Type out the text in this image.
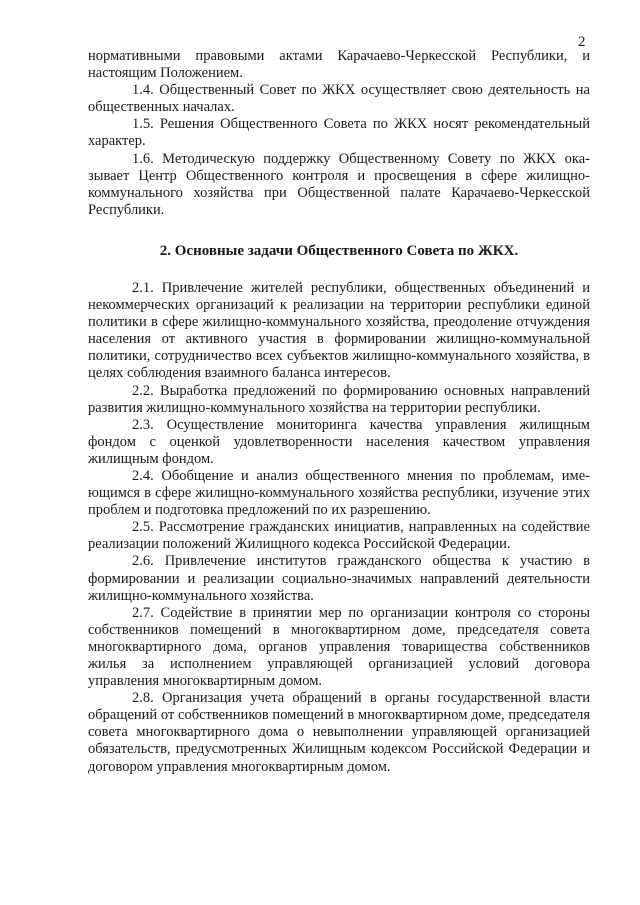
2

нормативными правовыми актами Карачаево-Черкесской Республики, и настоящим Положением.

1.4. Общественный Совет по ЖКХ осуществляет свою деятельность на общественных началах.

1.5. Решения Общественного Совета по ЖКХ носят рекомендательный характер.

1.6. Методическую поддержку Общественному Совету по ЖКХ оказывает Центр Общественного контроля и просвещения в сфере жилищно-коммунального хозяйства при Общественной палате Карачаево-Черкесской Республики.

2. Основные задачи Общественного Совета по ЖКХ.

2.1. Привлечение жителей республики, общественных объединений и некоммерческих организаций к реализации на территории республики единой политики в сфере жилищно-коммунального хозяйства, преодоление отчуждения населения от активного участия в формировании жилищно-коммунальной политики, сотрудничество всех субъектов жилищно-коммунального хозяйства, в целях соблюдения взаимного баланса интересов.

2.2. Выработка предложений по формированию основных направлений развития жилищно-коммунального хозяйства на территории республики.

2.3. Осуществление мониторинга качества управления жилищным фондом с оценкой удовлетворенности населения качеством управления жилищным фондом.

2.4. Обобщение и анализ общественного мнения по проблемам, имеющимся в сфере жилищно-коммунального хозяйства республики, изучение этих проблем и подготовка предложений по их разрешению.

2.5. Рассмотрение гражданских инициатив, направленных на содействие реализации положений Жилищного кодекса Российской Федерации.

2.6. Привлечение институтов гражданского общества к участию в формировании и реализации социально-значимых направлений деятельности жилищно-коммунального хозяйства.

2.7. Содействие в принятии мер по организации контроля со стороны собственников помещений в многоквартирном доме, председателя совета многоквартирного дома, органов управления товарищества собственников жилья за исполнением управляющей организацией условий договора управления многоквартирным домом.

2.8. Организация учета обращений в органы государственной власти обращений от собственников помещений в многоквартирном доме, председателя совета многоквартирного дома о невыполнении управляющей организацией обязательств, предусмотренных Жилищным кодексом Российской Федерации и договором управления многоквартирным домом.
